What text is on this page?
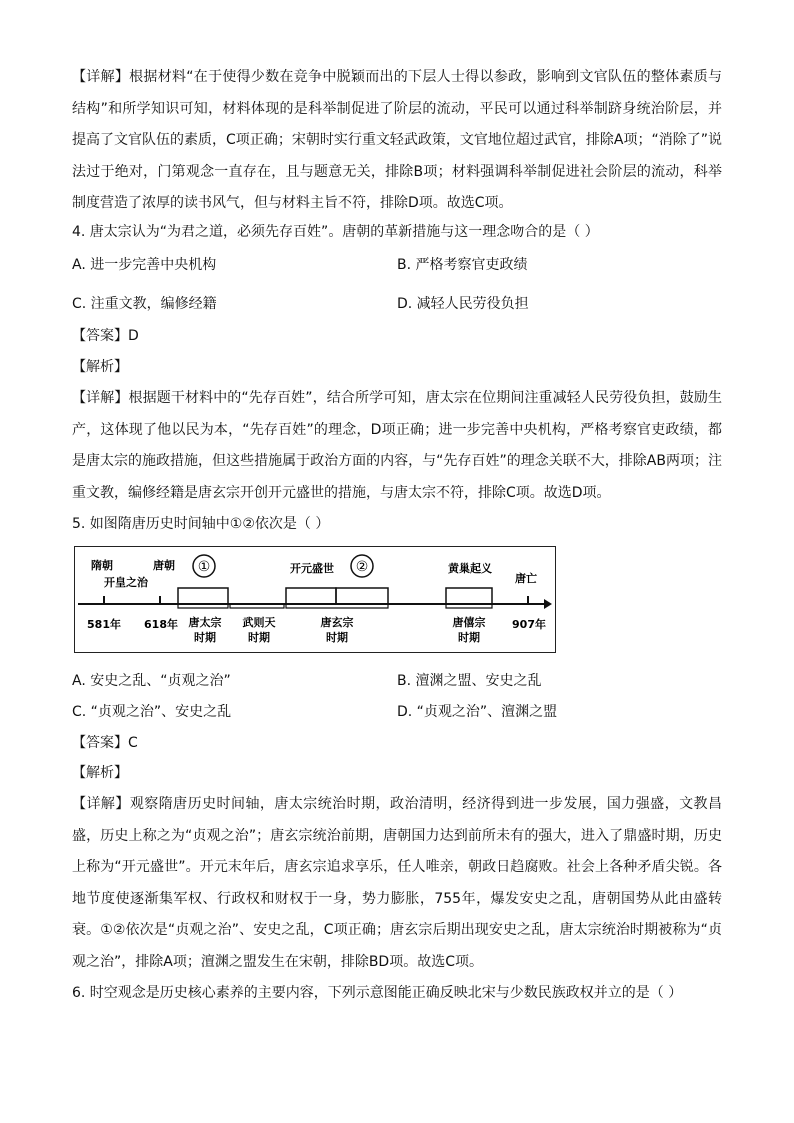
【详解】根据材料“在于使得少数在竞争中脱颖而出的下层人士得以参政，影响到文官队伍的整体素质与结构”和所学知识可知，材料体现的是科举制促进了阶层的流动，平民可以通过科举制跻身统治阶层，并提高了文官队伍的素质，C项正确；宋朝时实行重文轻武政策，文官地位超过武官，排除A项；“消除了”说法过于绝对，门第观念一直存在，且与题意无关，排除B项；材料强调科举制促进社会阶层的流动，科举制度营造了浓厚的读书风气，但与材料主旨不符，排除D项。故选C项。
4. 唐太宗认为“为君之道，必须先存百姓”。唐朝的革新措施与这一理念吻合的是（ ）
A. 进一步完善中央机构	B. 严格考察官吏政绩
C. 注重文教，编修经籍	D. 减轻人民劳役负担
【答案】D
【解析】
【详解】根据题干材料中的“先存百姓”，结合所学可知，唐太宗在位期间注重减轻人民劳役负担，鼓励生产，这体现了他以民为本，“先存百姓”的理念，D项正确；进一步完善中央机构，严格考察官吏政绩，都是唐太宗的施政措施，但这些措施属于政治方面的内容，与“先存百姓”的理念关联不大，排除AB两项；注重文教，编修经籍是唐玄宗开创开元盛世的措施，与唐太宗不符，排除C项。故选D项。
5. 如图隋唐历史时间轴中①②依次是（ ）
隋朝
开皇之治
唐朝	开元盛世	黄巢起义
唐亡
①	②
581年 618年	907年
唐太宗时期
武则天时期
唐玄宗时期
唐僖宗时期
A. 安史之乱、“贞观之治”	B. 澶渊之盟、安史之乱
C. “贞观之治”、安史之乱	D. “贞观之治”、澶渊之盟
【答案】C
【解析】
【详解】观察隋唐历史时间轴，唐太宗统治时期，政治清明，经济得到进一步发展，国力强盛，文教昌盛，历史上称之为“贞观之治”；唐玄宗统治前期，唐朝国力达到前所未有的强大，进入了鼎盛时期，历史上称为“开元盛世”。开元末年后，唐玄宗追求享乐，任人唯亲，朝政日趋腐败。社会上各种矛盾尖锐。各地节度使逐渐集军权、行政权和财权于一身，势力膨胀，755年，爆发安史之乱，唐朝国势从此由盛转衰。①②依次是“贞观之治”、安史之乱，C项正确；唐玄宗后期出现安史之乱，唐太宗统治时期被称为“贞观之治”，排除A项；澶渊之盟发生在宋朝，排除BD项。故选C项。
6. 时空观念是历史核心素养的主要内容，下列示意图能正确反映北宋与少数民族政权并立的是（ ）
